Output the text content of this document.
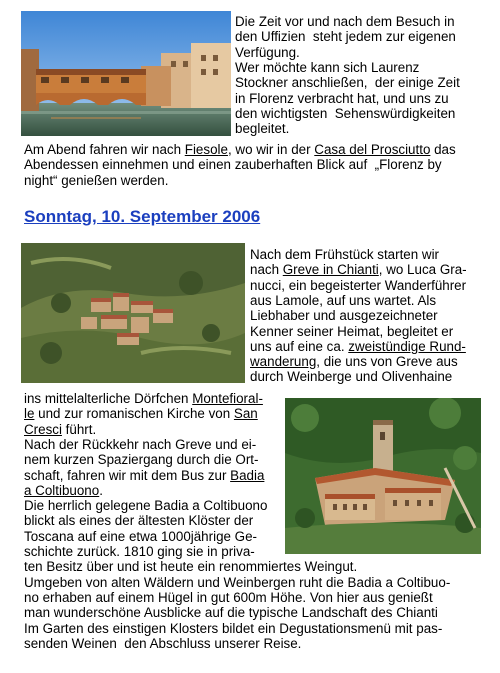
Die Zeit vor und nach dem Besuch in
den Uffizien  steht jedem zur eigenen
Verfügung.
Wer möchte kann sich Laurenz
Stockner anschließen,  der einige Zeit
in Florenz verbracht hat, und uns zu
den wichtigsten  Sehenswürdigkeiten
begleitet.
Am Abend fahren wir nach Fiesole, wo wir in der Casa del Prosciutto das
Abendessen einnehmen und einen zauberhaften Blick auf  „Florenz by
night“ genießen werden.
Sonntag, 10. September 2006
Nach dem Frühstück starten wir
nach Greve in Chianti, wo Luca Gra-
nucci, ein begeisterter Wanderführer
aus Lamole, auf uns wartet. Als
Liebhaber und ausgezeichneter
Kenner seiner Heimat, begleitet er
uns auf eine ca. zweistündige Rund-
wanderung, die uns von Greve aus
durch Weinberge und Olivenhaine
ins mittelalterliche Dörfchen Montefioral-
le und zur romanischen Kirche von San
Cresci führt.
Nach der Rückkehr nach Greve und ei-
nem kurzen Spaziergang durch die Ort-
schaft, fahren wir mit dem Bus zur Badia
a Coltibuono.
Die herrlich gelegene Badia a Coltibuono
blickt als eines der ältesten Klöster der
Toscana auf eine etwa 1000jährige Ge-
schichte zurück. 1810 ging sie in priva-
ten Besitz über und ist heute ein renommiertes Weingut.
Umgeben von alten Wäldern und Weinbergen ruht die Badia a Coltibuo-
no erhaben auf einem Hügel in gut 600m Höhe. Von hier aus genießt
man wunderschöne Ausblicke auf die typische Landschaft des Chianti
Im Garten des einstigen Klosters bildet ein Degustationsmenü mit pas-
senden Weinen  den Abschluss unserer Reise.
